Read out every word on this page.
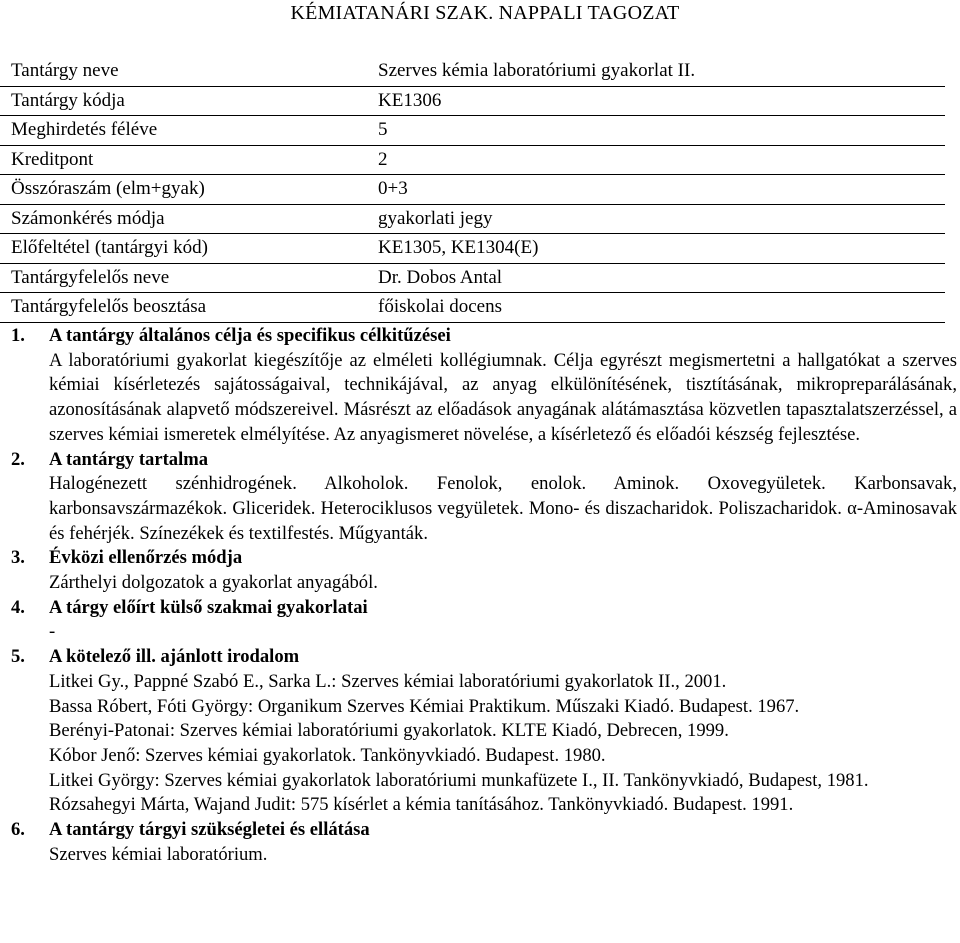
KÉMIATANÁRI SZAK. NAPPALI TAGOZAT
Tantárgy neve	Szerves kémia laboratóriumi gyakorlat II.
Tantárgy kódja	KE1306
Meghirdetés féléve	5
Kreditpont	2
Összóraszám (elm+gyak)	0+3
Számonkérés módja	gyakorlati jegy
Előfeltétel (tantárgyi kód)	KE1305, KE1304(E)
Tantárgyfelelős neve	Dr. Dobos Antal
Tantárgyfelelős beosztása	főiskolai docens
1. A tantárgy általános célja és specifikus célkitűzései
A laboratóriumi gyakorlat kiegészítője az elméleti kollégiumnak. Célja egyrészt megismertetni a hallgatókat a szerves kémiai kísérletezés sajátosságaival, technikájával, az anyag elkülönítésének, tisztításának, mikropreparálásának, azonosításának alapvető módszereivel. Másrészt az előadások anyagának alátámasztása közvetlen tapasztalatszerzéssel, a szerves kémiai ismeretek elmélyítése. Az anyagismeret növelése, a kísérletező és előadói készség fejlesztése.
2. A tantárgy tartalma
Halogénezett szénhidrogének. Alkoholok. Fenolok, enolok. Aminok. Oxovegyületek. Karbonsavak, karbonsavszármazékok. Gliceridek. Heterociklusos vegyületek. Mono- és diszacharidok. Poliszacharidok. α-Aminosavak és fehérjék. Színezékek és textilfestés. Műgyanták.
3. Évközi ellenőrzés módja
Zárthelyi dolgozatok a gyakorlat anyagából.
4. A tárgy előírt külső szakmai gyakorlatai
-
5. A kötelező ill. ajánlott irodalom
Litkei Gy., Pappné Szabó E., Sarka L.: Szerves kémiai laboratóriumi gyakorlatok II., 2001.
Bassa Róbert, Fóti György: Organikum Szerves Kémiai Praktikum. Műszaki Kiadó. Budapest. 1967.
Berényi-Patonai: Szerves kémiai laboratóriumi gyakorlatok. KLTE Kiadó, Debrecen, 1999.
Kóbor Jenő: Szerves kémiai gyakorlatok. Tankönyvkiadó. Budapest. 1980.
Litkei György: Szerves kémiai gyakorlatok laboratóriumi munkafüzete I., II. Tankönyvkiadó, Budapest, 1981.
Rózsahegyi Márta, Wajand Judit: 575 kísérlet a kémia tanításához. Tankönyvkiadó. Budapest. 1991.
6. A tantárgy tárgyi szükségletei és ellátása
Szerves kémiai laboratórium.
